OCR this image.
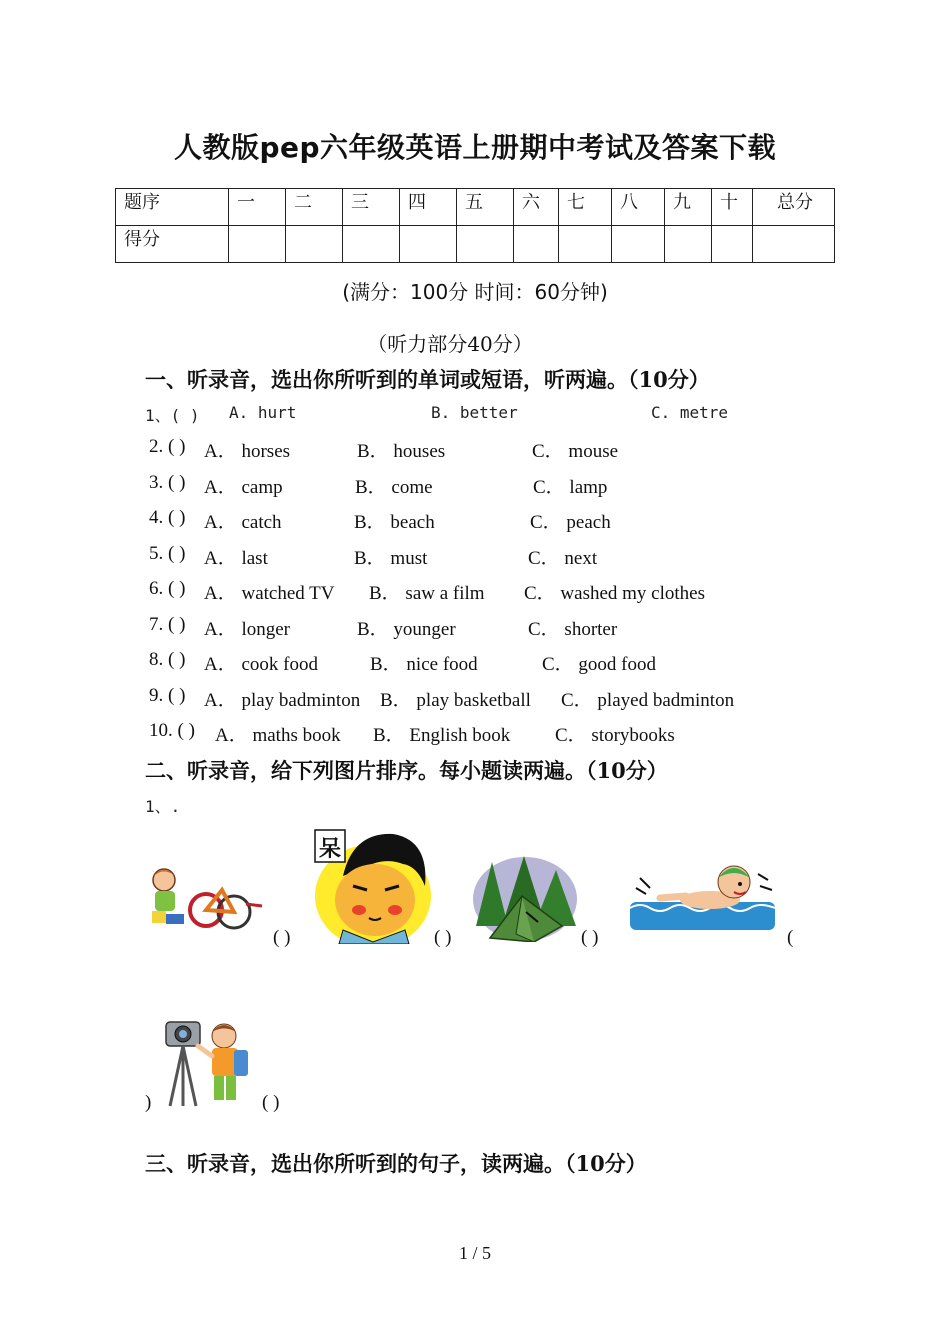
人教版pep六年级英语上册期中考试及答案下载
题序	一	二	三	四	五	六	七	八	九	十	总分
得分											
(满分：100分 时间：60分钟)
（听力部分40分）
一、听录音，选出你所听到的单词或短语，听两遍。（10分）
1、( ) A. hurt	B. better	C. metre
2. ( ) A． horses	B． houses	C． mouse
3. ( ) A． camp	B． come	C． lamp
4. ( ) A． catch	B． beach	C． peach
5. ( ) A． last	B． must	C． next
6. ( ) A． watched TV B． saw a film C． washed my clothes
7. ( ) A． longer	B． younger	C． shorter
8. ( ) A． cook food	B． nice food	C． good food
9. ( ) A． play badminton B． play basketball C． played badminton
10. ( ) A． maths book B． English book C． storybooks
二、听录音，给下列图片排序。每小题读两遍。（10分）
1、.
( )
呆
( )	( )	(
)	( )
三、听录音，选出你所听到的句子，读两遍。（10分）
1 / 5
